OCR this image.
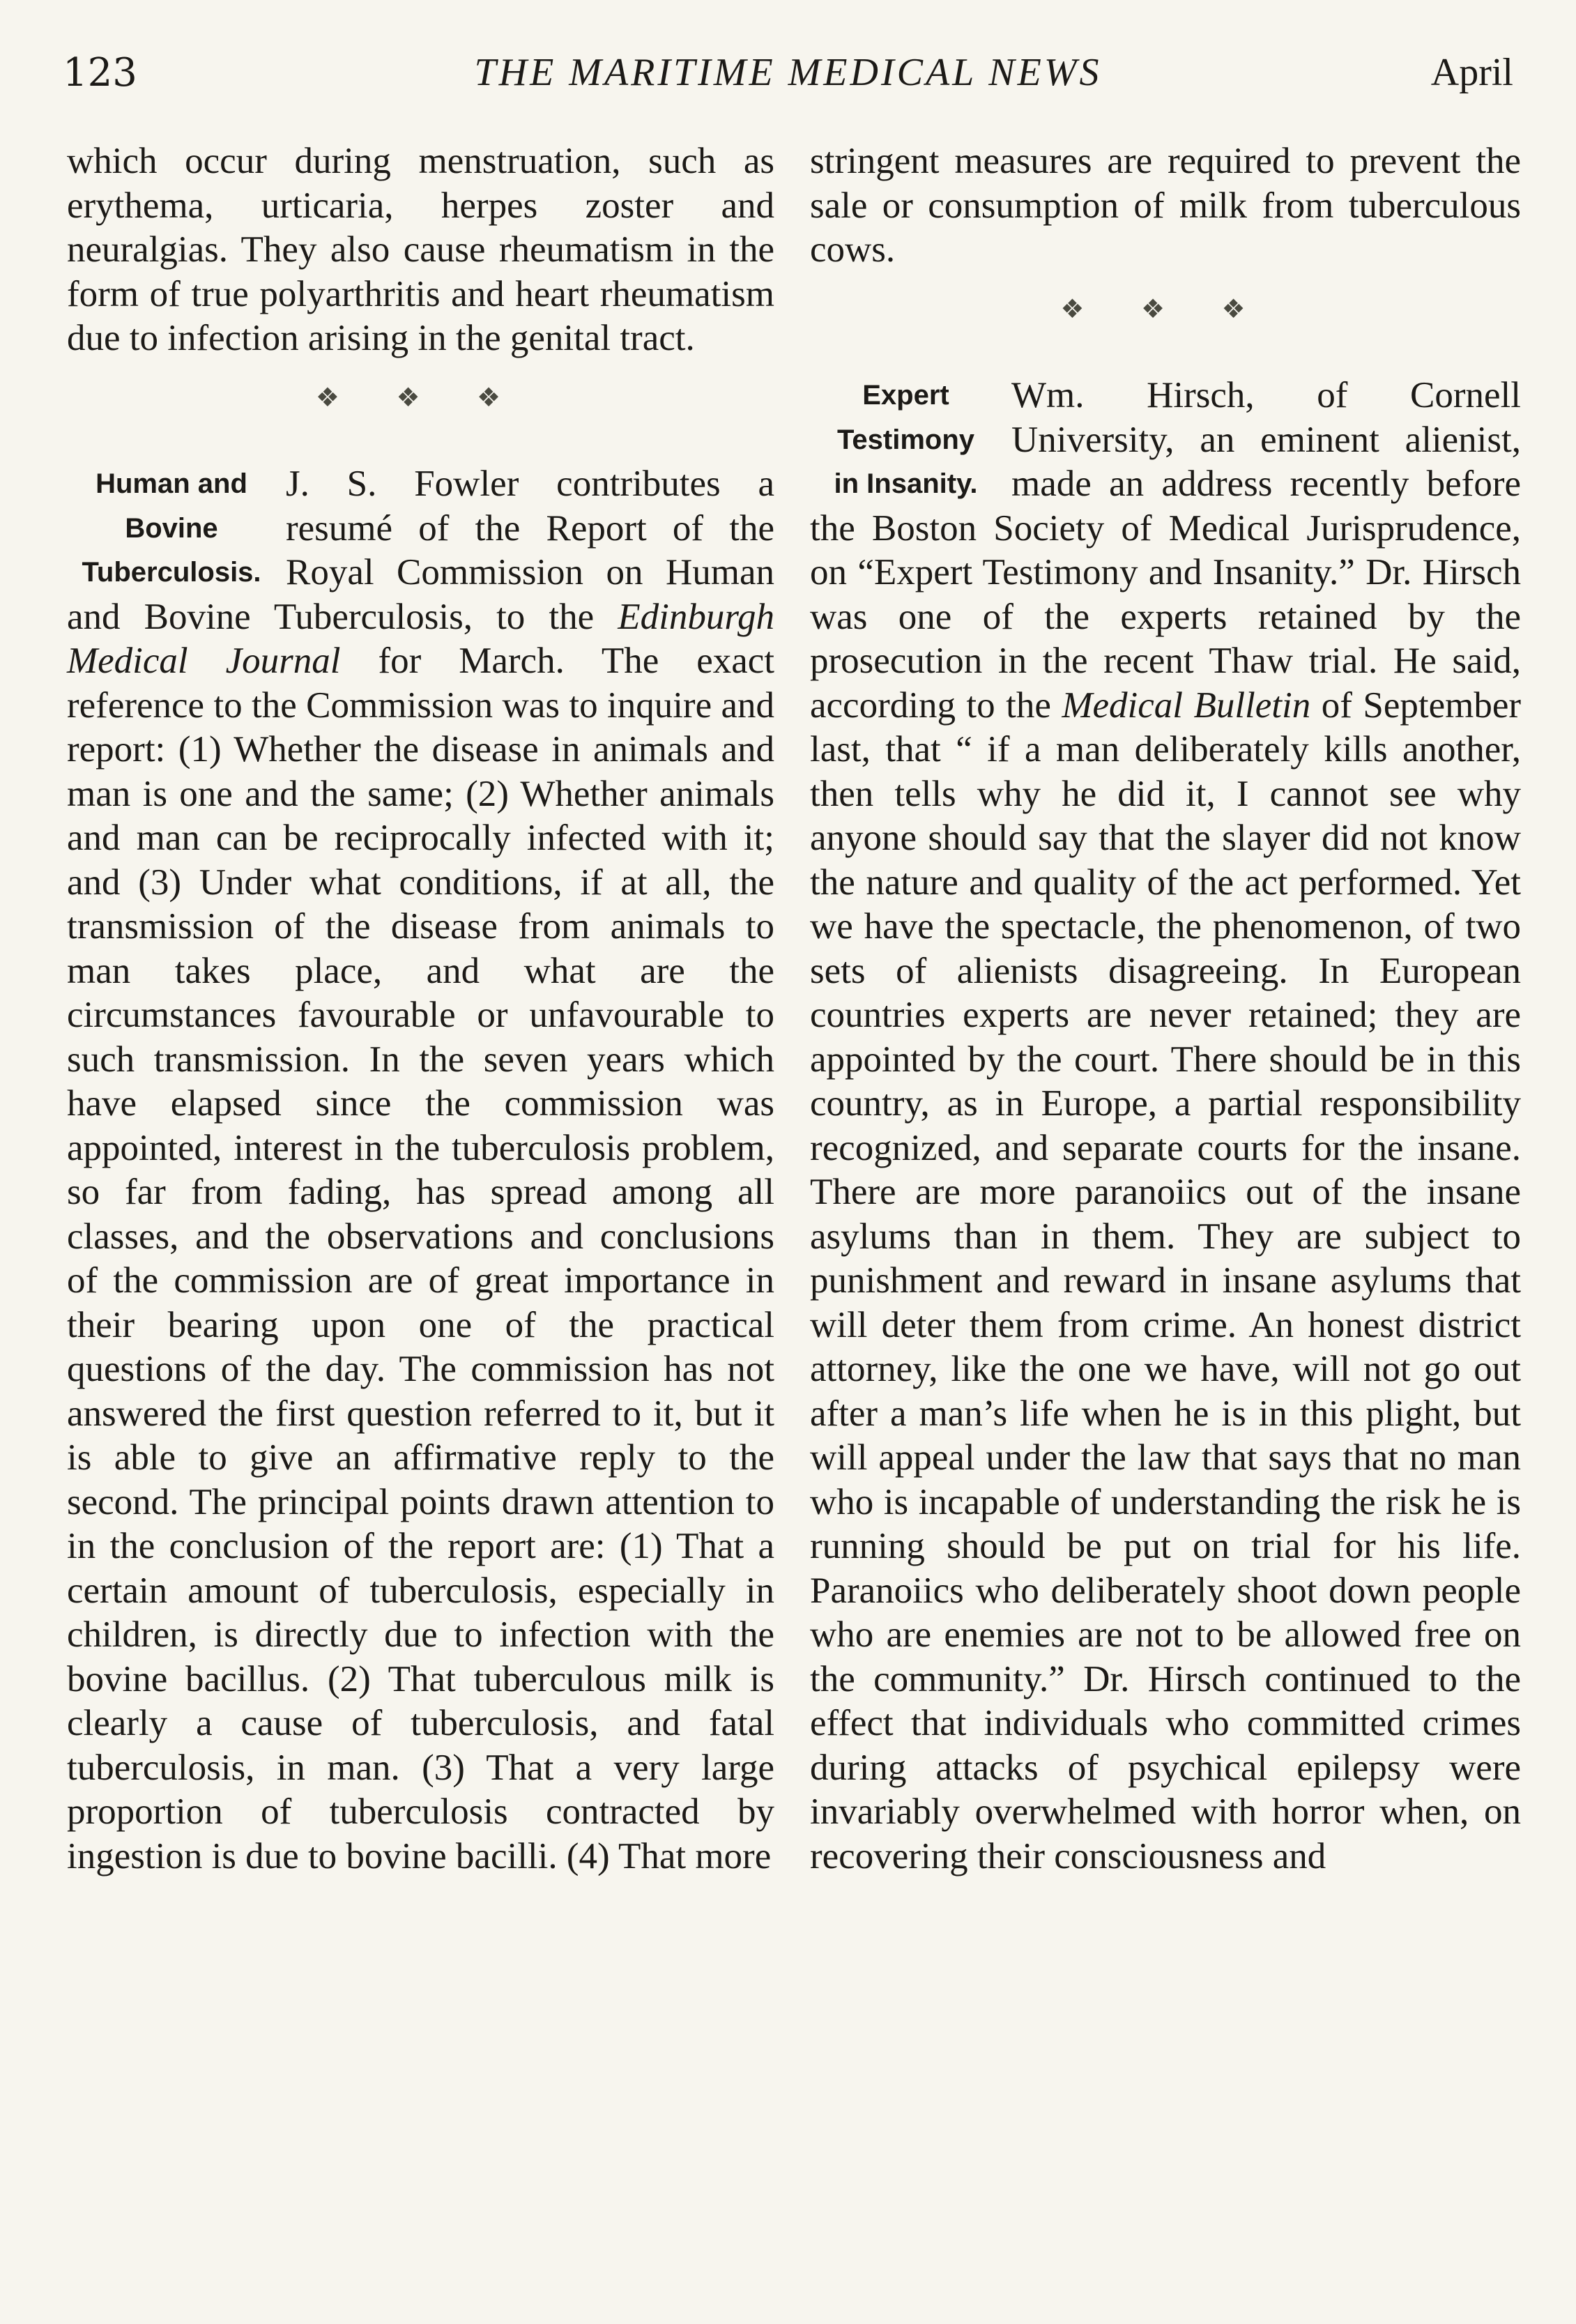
123	THE MARITIME MEDICAL NEWS	April

which occur during menstruation, such as erythema, urticaria, herpes zoster and neuralgias. They also cause rheumatism in the form of true polyarthritis and heart rheumatism due to infection arising in the genital tract.

❖ ❖ ❖
Human and
Bovine
Tuberculosis.

J. S. Fowler contributes a resumé of the Report of the Royal Commission on Human and Bovine Tuberculosis, to the Edinburgh Medical Journal for March. The exact reference to the Commission was to inquire and report: (1) Whether the disease in animals and man is one and the same; (2) Whether animals and man can be reciprocally infected with it; and (3) Under what conditions, if at all, the transmission of the disease from animals to man takes place, and what are the circumstances favourable or unfavourable to such transmission. In the seven years which have elapsed since the commission was appointed, interest in the tuberculosis problem, so far from fading, has spread among all classes, and the observations and conclusions of the commission are of great importance in their bearing upon one of the practical questions of the day. The commission has not answered the first question referred to it, but it is able to give an affirmative reply to the second. The principal points drawn attention to in the conclusion of the report are: (1) That a certain amount of tuberculosis, especially in children, is directly due to infection with the bovine bacillus. (2) That tuberculous milk is clearly a cause of tuberculosis, and fatal tuberculosis, in man. (3) That a very large proportion of tuberculosis contracted by ingestion is due to bovine bacilli. (4) That more

stringent measures are required to prevent the sale or consumption of milk from tuberculous cows.

❖ ❖ ❖
Expert
Testimony
in Insanity.

Wm. Hirsch, of Cornell University, an eminent alienist, made an address recently before the Boston Society of Medical Jurisprudence, on “Expert Testimony and Insanity.” Dr. Hirsch was one of the experts retained by the prosecution in the recent Thaw trial. He said, according to the Medical Bulletin of September last, that “ if a man deliberately kills another, then tells why he did it, I cannot see why anyone should say that the slayer did not know the nature and quality of the act performed. Yet we have the spectacle, the phenomenon, of two sets of alienists disagreeing. In European countries experts are never retained; they are appointed by the court. There should be in this country, as in Europe, a partial responsibility recognized, and separate courts for the insane. There are more paranoiics out of the insane asylums than in them. They are subject to punishment and reward in insane asylums that will deter them from crime. An honest district attorney, like the one we have, will not go out after a man’s life when he is in this plight, but will appeal under the law that says that no man who is incapable of understanding the risk he is running should be put on trial for his life. Paranoiics who deliberately shoot down people who are enemies are not to be allowed free on the community.” Dr. Hirsch continued to the effect that individuals who committed crimes during attacks of psychical epilepsy were invariably overwhelmed with horror when, on recovering their consciousness and
